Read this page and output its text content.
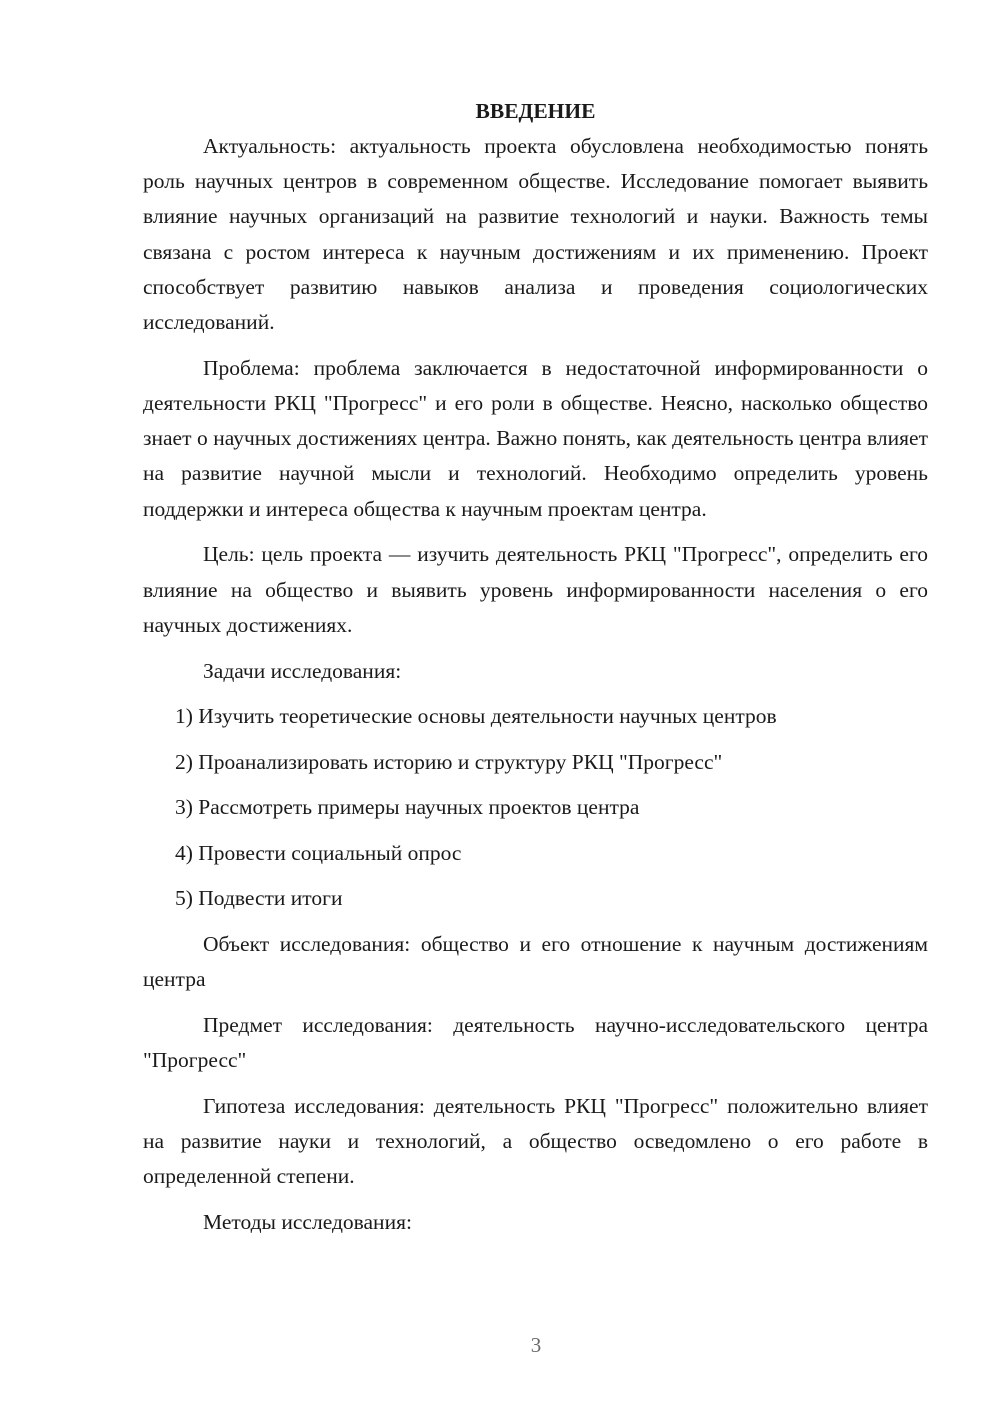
ВВЕДЕНИЕ

Актуальность: актуальность проекта обусловлена необходимостью понять роль научных центров в современном обществе. Исследование помогает выявить влияние научных организаций на развитие технологий и науки. Важность темы связана с ростом интереса к научным достижениям и их применению. Проект способствует развитию навыков анализа и проведения социологических исследований.

Проблема: проблема заключается в недостаточной информированности о деятельности РКЦ "Прогресс" и его роли в обществе. Неясно, насколько общество знает о научных достижениях центра. Важно понять, как деятельность центра влияет на развитие научной мысли и технологий. Необходимо определить уровень поддержки и интереса общества к научным проектам центра.

Цель: цель проекта — изучить деятельность РКЦ "Прогресс", определить его влияние на общество и выявить уровень информированности населения о его научных достижениях.

Задачи исследования:

1) Изучить теоретические основы деятельности научных центров

2) Проанализировать историю и структуру РКЦ "Прогресс"

3) Рассмотреть примеры научных проектов центра

4) Провести социальный опрос

5) Подвести итоги

Объект исследования: общество и его отношение к научным достижениям центра

Предмет исследования: деятельность научно-исследовательского центра "Прогресс"

Гипотеза исследования: деятельность РКЦ "Прогресс" положительно влияет на развитие науки и технологий, а общество осведомлено о его работе в определенной степени.

Методы исследования:

3
